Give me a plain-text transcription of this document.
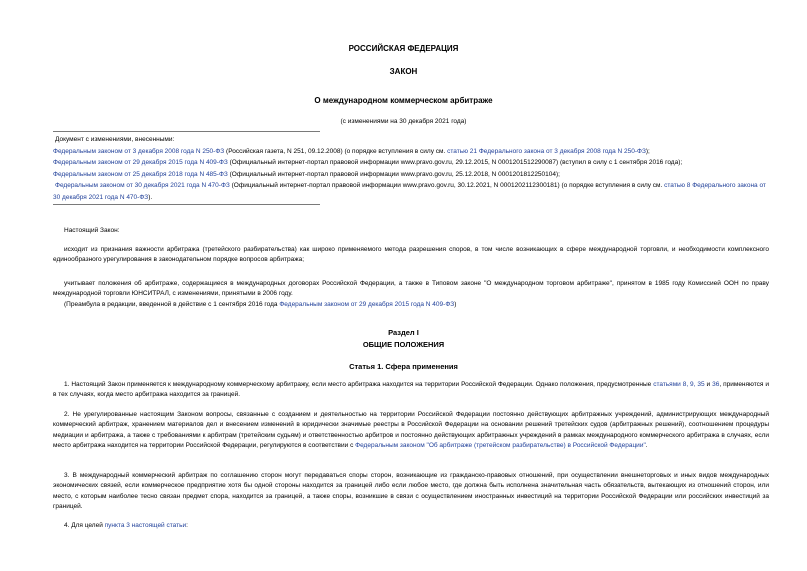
РОССИЙСКАЯ ФЕДЕРАЦИЯ
ЗАКОН
О международном коммерческом арбитраже
(с изменениями на 30 декабря 2021 года)
Документ с изменениями, внесенными:
Федеральным законом от 3 декабря 2008 года N 250-ФЗ (Российская газета, N 251, 09.12.2008) (о порядке вступления в силу см. статью 21 Федерального закона от 3 декабря 2008 года N 250-ФЗ);
Федеральным законом от 29 декабря 2015 года N 409-ФЗ (Официальный интернет-портал правовой информации www.pravo.gov.ru, 29.12.2015, N 0001201512290087) (вступил в силу с 1 сентября 2016 года);
Федеральным законом от 25 декабря 2018 года N 485-ФЗ (Официальный интернет-портал правовой информации www.pravo.gov.ru, 25.12.2018, N 0001201812250104);
Федеральным законом от 30 декабря 2021 года N 470-ФЗ (Официальный интернет-портал правовой информации www.pravo.gov.ru, 30.12.2021, N 0001202112300181) (о порядке вступления в силу см. статью 8 Федерального закона от 30 декабря 2021 года N 470-ФЗ).

Настоящий Закон:

исходит из признания важности арбитража (третейского разбирательства) как широко применяемого метода разрешения споров, в том числе возникающих в сфере международной торговли, и необходимости комплексного единообразного урегулирования в законодательном порядке вопросов арбитража;

учитывает положения об арбитраже, содержащиеся в международных договорах Российской Федерации, а также в Типовом законе "О международном торговом арбитраже", принятом в 1985 году Комиссией ООН по праву международной торговли ЮНСИТРАЛ, с изменениями, принятыми в 2006 году.

(Преамбула в редакции, введенной в действие с 1 сентября 2016 года Федеральным законом от 29 декабря 2015 года N 409-ФЗ)

Раздел I
ОБЩИЕ ПОЛОЖЕНИЯ
Статья 1. Сфера применения

1. Настоящий Закон применяется к международному коммерческому арбитражу, если место арбитража находится на территории Российской Федерации. Однако положения, предусмотренные статьями 8, 9, 35 и 36, применяются и в тех случаях, когда место арбитража находится за границей.

2. Не урегулированные настоящим Законом вопросы, связанные с созданием и деятельностью на территории Российской Федерации постоянно действующих арбитражных учреждений, администрирующих международный коммерческий арбитраж, хранением материалов дел и внесением изменений в юридически значимые реестры в Российской Федерации на основании решений третейских судов (арбитражных решений), соотношением процедуры медиации и арбитража, а также с требованиями к арбитрам (третейским судьям) и ответственностью арбитров и постоянно действующих арбитражных учреждений в рамках международного коммерческого арбитража в случаях, если место арбитража находится на территории Российской Федерации, регулируются в соответствии с Федеральным законом "Об арбитраже (третейском разбирательстве) в Российской Федерации".

3. В международный коммерческий арбитраж по соглашению сторон могут передаваться споры сторон, возникающие из гражданско-правовых отношений, при осуществлении внешнеторговых и иных видов международных экономических связей, если коммерческое предприятие хотя бы одной стороны находится за границей либо если любое место, где должна быть исполнена значительная часть обязательств, вытекающих из отношений сторон, или место, с которым наиболее тесно связан предмет спора, находится за границей, а также споры, возникшие в связи с осуществлением иностранных инвестиций на территории Российской Федерации или российских инвестиций за границей.

4. Для целей пункта 3 настоящей статьи:
